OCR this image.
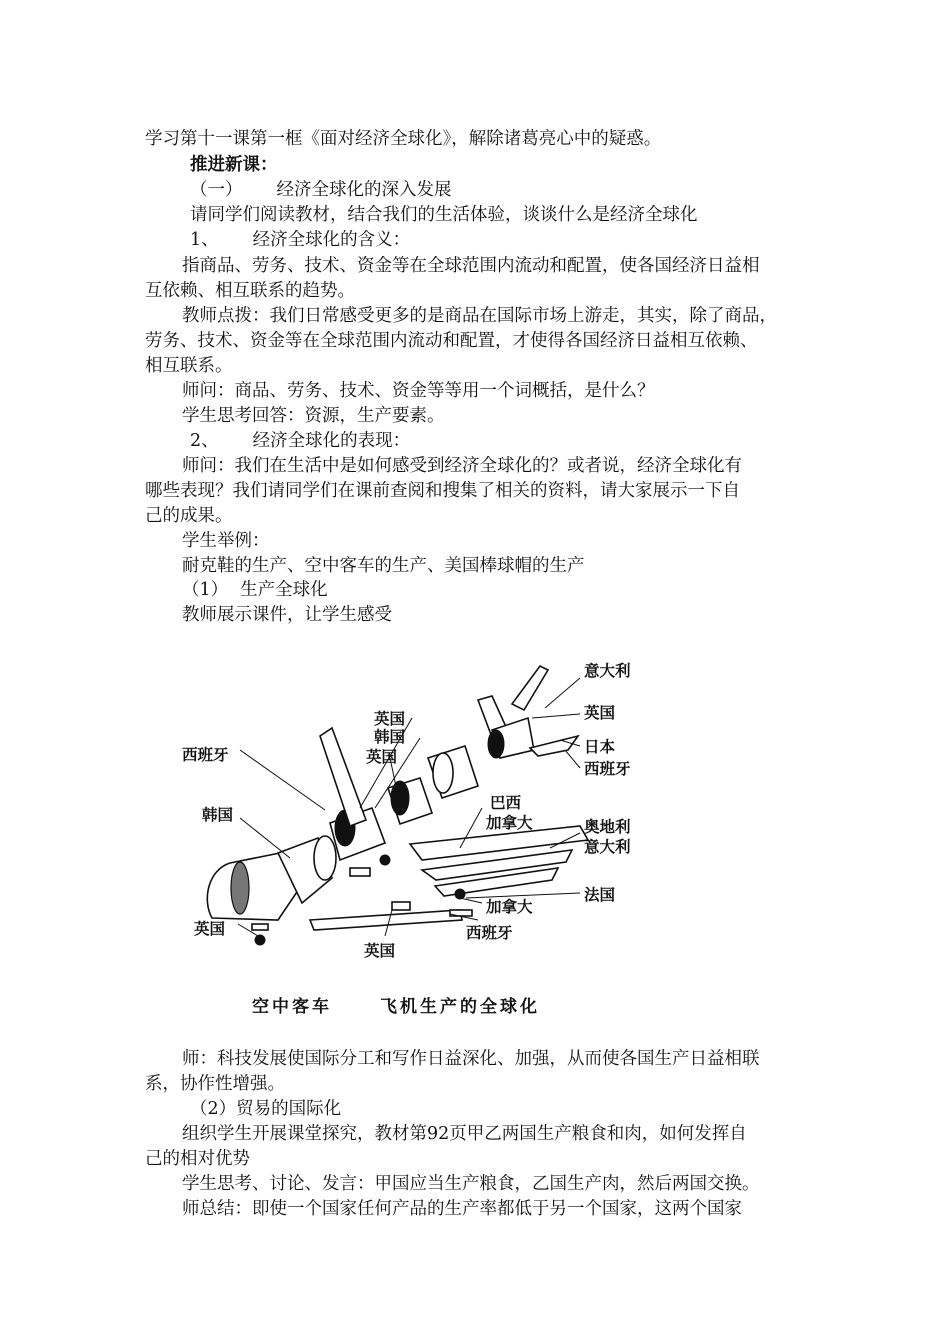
学习第十一课第一框《面对经济全球化》，解除诸葛亮心中的疑惑。
推进新课：
（一） 经济全球化的深入发展
请同学们阅读教材，结合我们的生活体验，谈谈什么是经济全球化
1、 经济全球化的含义：
指商品、劳务、技术、资金等在全球范围内流动和配置，使各国经济日益相
互依赖、相互联系的趋势。
教师点拨：我们日常感受更多的是商品在国际市场上游走，其实，除了商品，
劳务、技术、资金等在全球范围内流动和配置，才使得各国经济日益相互依赖、
相互联系。
师问：商品、劳务、技术、资金等等用一个词概括，是什么？
学生思考回答：资源，生产要素。
2、 经济全球化的表现：
师问：我们在生活中是如何感受到经济全球化的？或者说，经济全球化有
哪些表现？我们请同学们在课前查阅和搜集了相关的资料，请大家展示一下自
己的成果。
学生举例：
耐克鞋的生产、空中客车的生产、美国棒球帽的生产
（1） 生产全球化
教师展示课件，让学生感受
意大利
英国
日本
西班牙
英国
韩国
英国
西班牙
巴西
加拿大	奥地利
意大利
韩国
法国
加拿大
英国	西班牙
英国
空中客车	飞机生产的全球化
师：科技发展使国际分工和写作日益深化、加强，从而使各国生产日益相联
系，协作性增强。
（2）贸易的国际化
组织学生开展课堂探究，教材第92页甲乙两国生产粮食和肉，如何发挥自
己的相对优势
学生思考、讨论、发言：甲国应当生产粮食，乙国生产肉，然后两国交换。
师总结：即使一个国家任何产品的生产率都低于另一个国家，这两个国家
